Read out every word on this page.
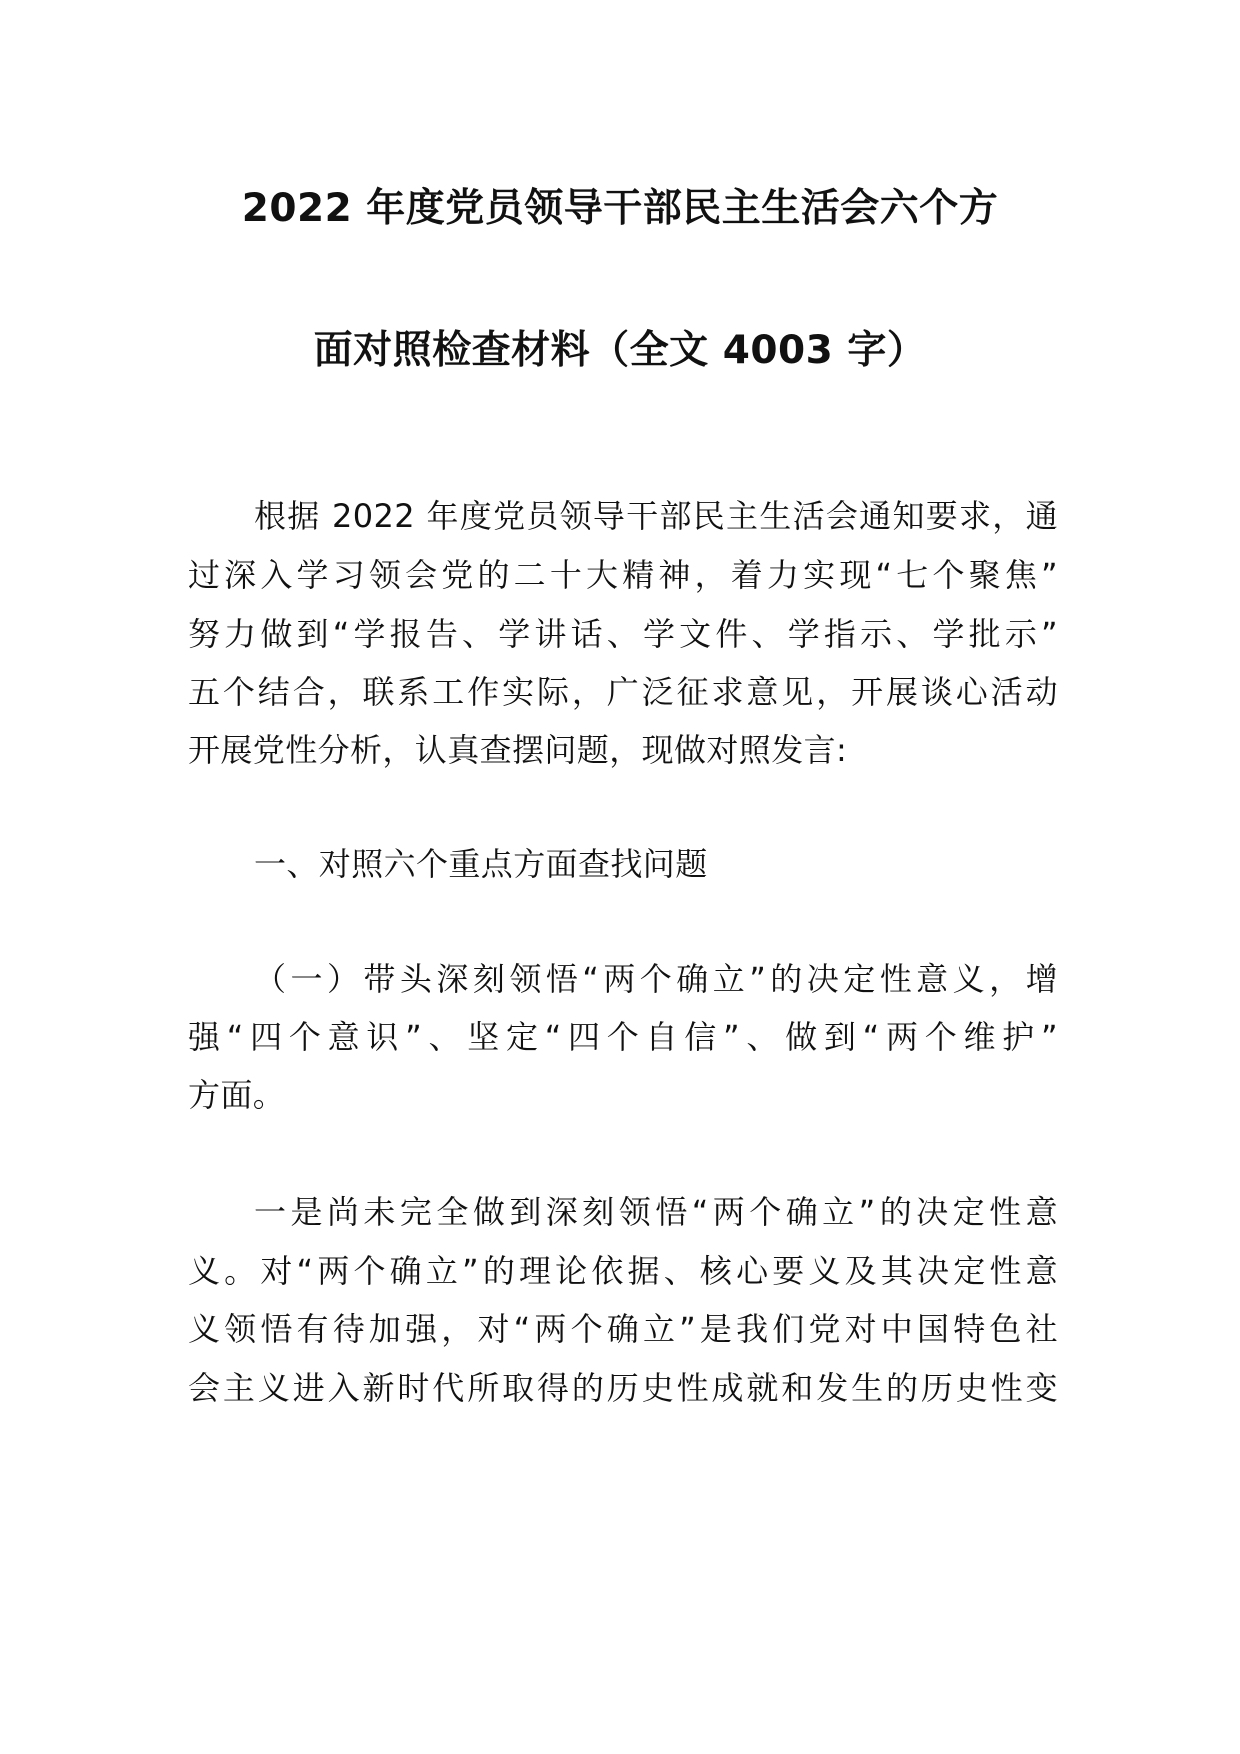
2022 年度党员领导干部民主生活会六个方
面对照检查材料（全文 4003 字）
根据 2022 年度党员领导干部民主生活会通知要求，通
过深入学习领会党的二十大精神，着力实现“七个聚焦”
努力做到“学报告、学讲话、学文件、学指示、学批示”
五个结合，联系工作实际，广泛征求意见，开展谈心活动
开展党性分析，认真查摆问题，现做对照发言:
一、对照六个重点方面查找问题
（一）带头深刻领悟“两个确立”的决定性意义，增
强“四个意识”、坚定“四个自信”、做到“两个维护”
方面。
一是尚未完全做到深刻领悟“两个确立”的决定性意
义。对“两个确立”的理论依据、核心要义及其决定性意
义领悟有待加强，对“两个确立”是我们党对中国特色社
会主义进入新时代所取得的历史性成就和发生的历史性变
